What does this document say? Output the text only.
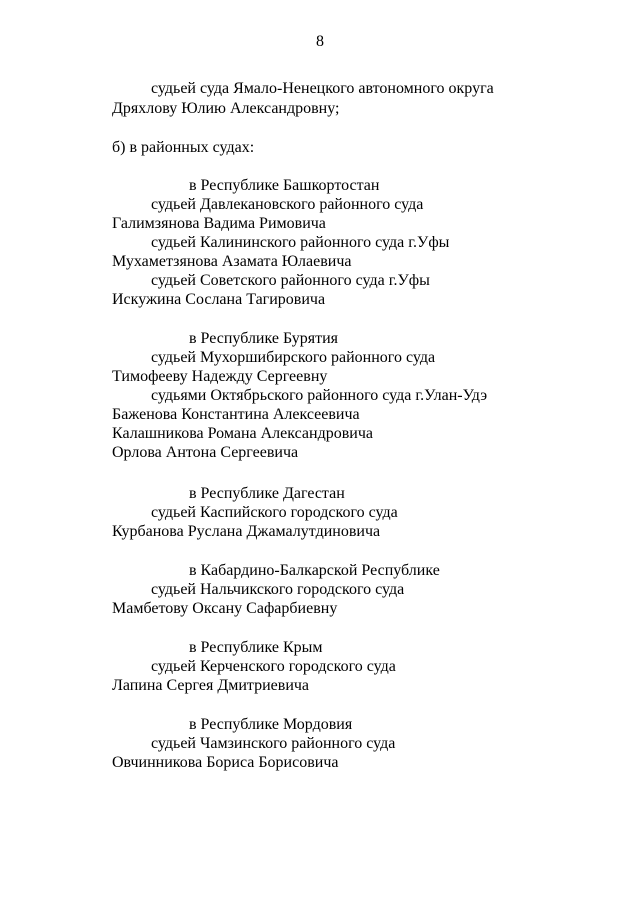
8
судьей суда Ямало-Ненецкого автономного округа
Дряхлову Юлию Александровну;
б) в районных судах:
в Республике Башкортостан
судьей Давлекановского районного суда
Галимзянова Вадима Римовича
судьей Калининского районного суда г.Уфы
Мухаметзянова Азамата Юлаевича
судьей Советского районного суда г.Уфы
Искужина Сослана Тагировича
в Республике Бурятия
судьей Мухоршибирского районного суда
Тимофееву Надежду Сергеевну
судьями Октябрьского районного суда г.Улан-Удэ
Баженова Константина Алексеевича
Калашникова Романа Александровича
Орлова Антона Сергеевича
в Республике Дагестан
судьей Каспийского городского суда
Курбанова Руслана Джамалутдиновича
в Кабардино-Балкарской Республике
судьей Нальчикского городского суда
Мамбетову Оксану Сафарбиевну
в Республике Крым
судьей Керченского городского суда
Лапина Сергея Дмитриевича
в Республике Мордовия
судьей Чамзинского районного суда
Овчинникова Бориса Борисовича
